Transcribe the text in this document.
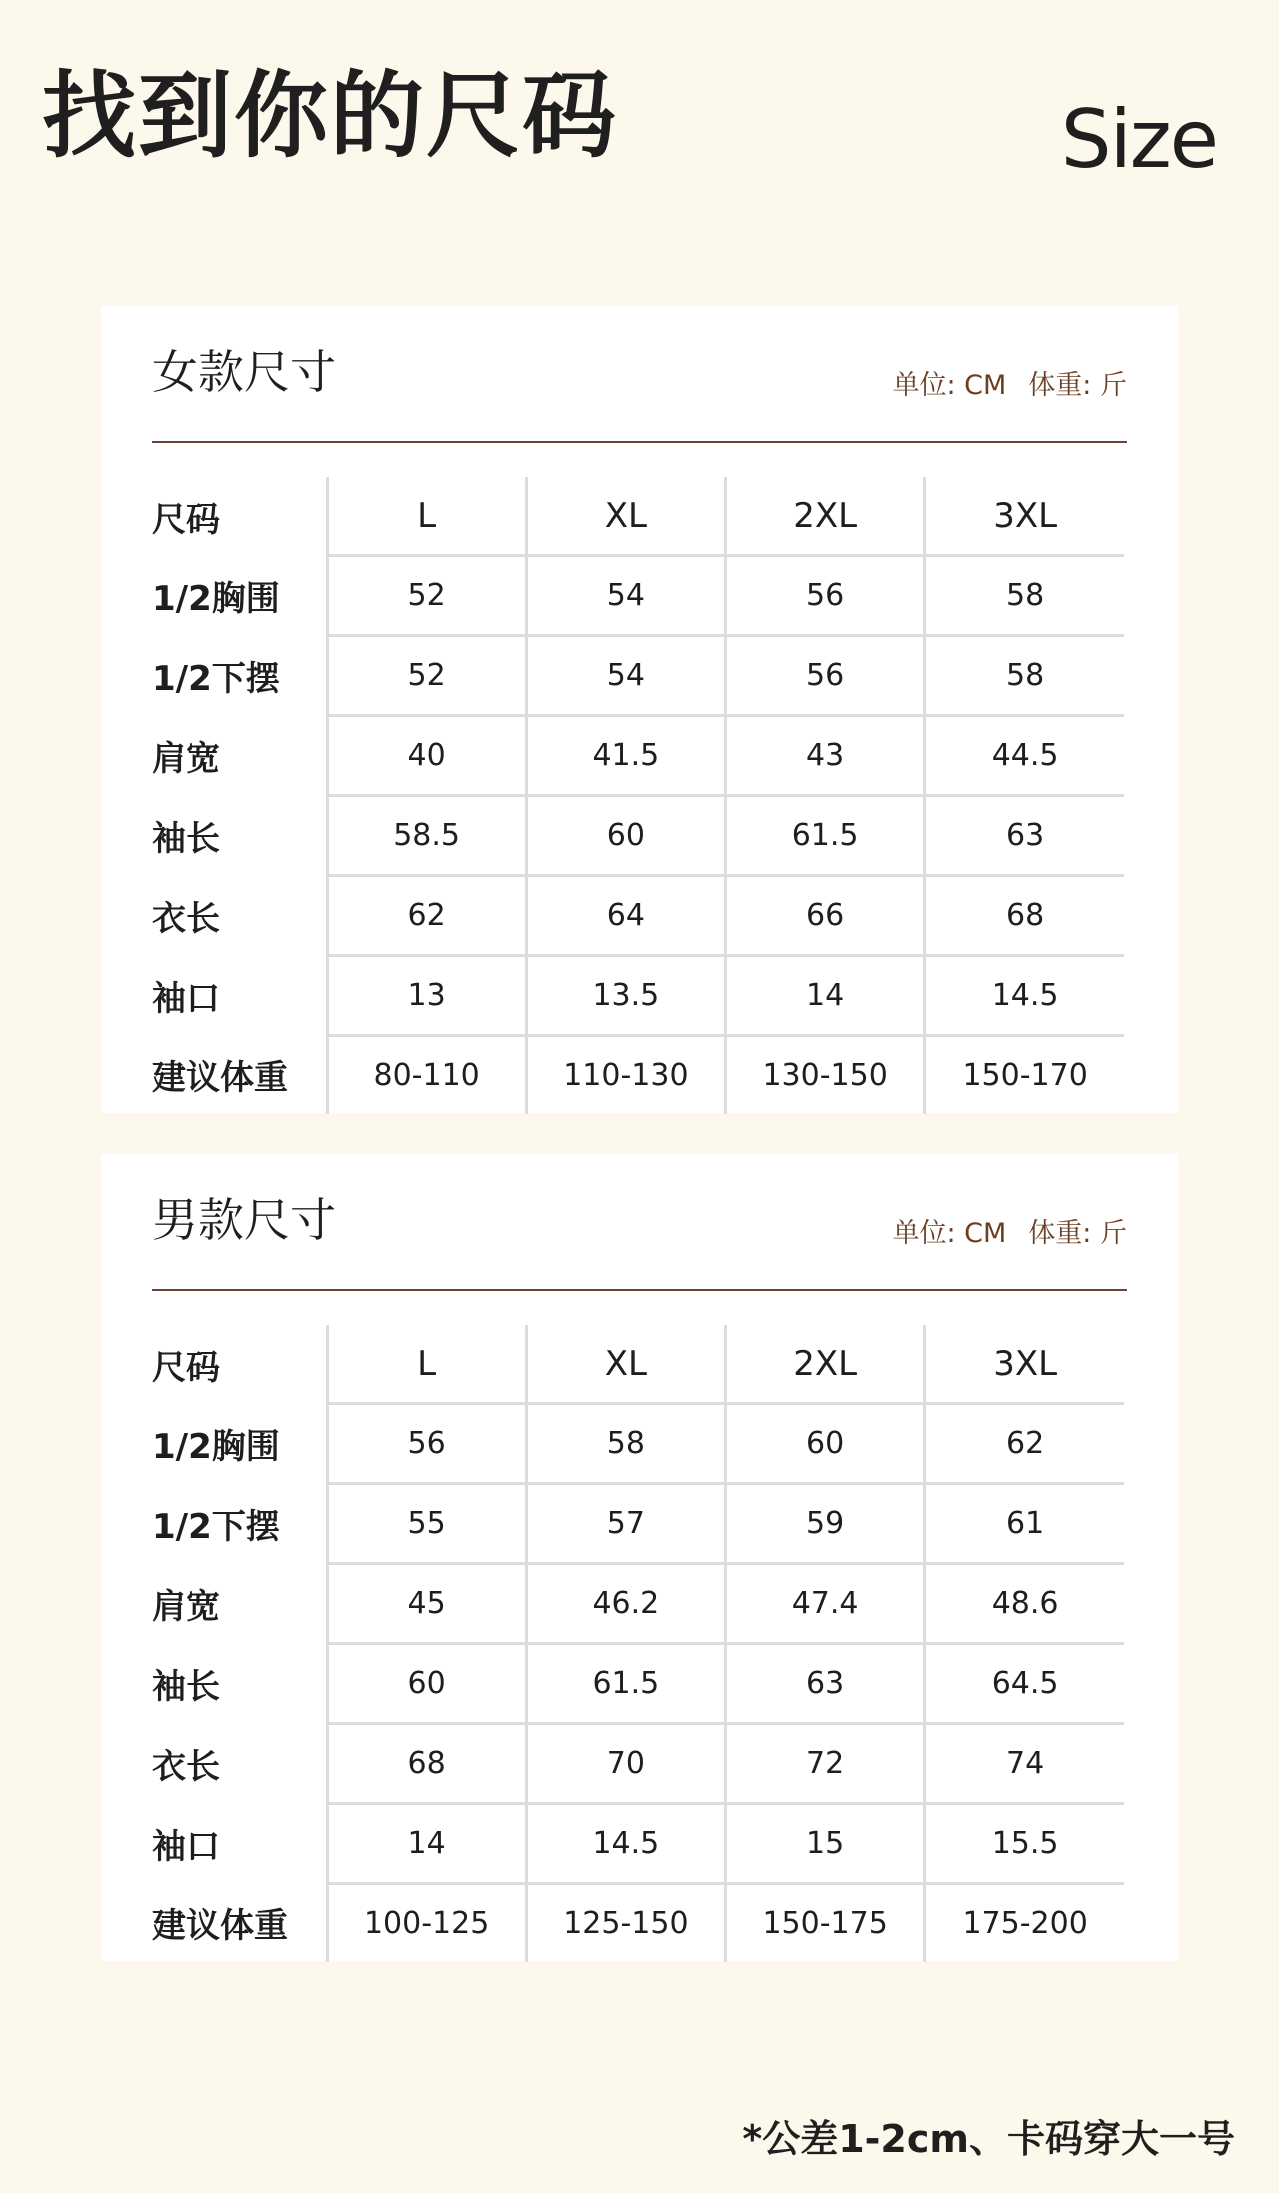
找到你的尺码	Size
女款尺寸	单位: CM 体重: 斤
尺码	L	XL	2XL	3XL
1/2胸围	52	54	56	58
1/2下摆	52	54	56	58
肩宽	40	41.5	43	44.5
袖长	58.5	60	61.5	63
衣长	62	64	66	68
袖口	13	13.5	14	14.5
建议体重	80-110	110-130	130-150	150-170
男款尺寸	单位: CM 体重: 斤
尺码	L	XL	2XL	3XL
1/2胸围	56	58	60	62
1/2下摆	55	57	59	61
肩宽	45	46.2	47.4	48.6
袖长	60	61.5	63	64.5
衣长	68	70	72	74
袖口	14	14.5	15	15.5
建议体重	100-125	125-150	150-175	175-200
*公差1-2cm、卡码穿大一号
